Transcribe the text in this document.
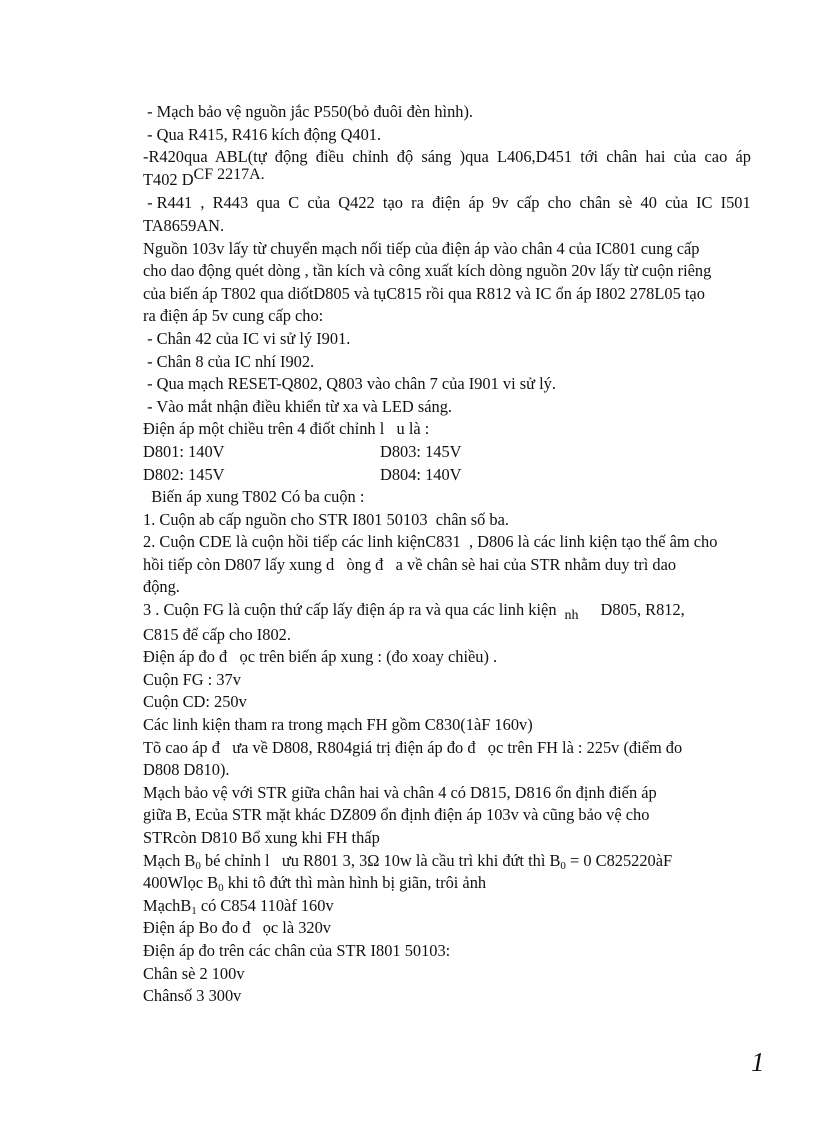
- Mạch bảo vệ nguồn jắc P550(bỏ đuôi đèn hình).
- Qua R415, R416 kích động Q401.
-R420qua  ABL(tự  động  điều  chỉnh  độ  sáng  )qua  L406,D451  tới  chân  hai  của  cao  áp
T402 DCF 2217A.
- R441  ,  R443  qua  C  của  Q422  tạo  ra  điện  áp  9v  cấp  cho  chân  sè  40  của  IC  I501
TA8659AN.
Nguồn 103v lấy từ chuyển mạch nối tiếp của điện áp vào chân 4 của IC801 cung cấp
cho dao động quét dòng , tần kích và công xuất kích dòng nguồn 20v lấy từ cuộn riêng
của biến áp T802 qua diốtD805 và tụC815 rồi qua R812 và IC ổn áp I802 278L05 tạo
ra điện áp 5v cung cấp cho:
- Chân 42 của IC vi sử lý I901.
- Chân 8 của IC nhí I902.
- Qua mạch RESET-Q802, Q803 vào chân 7 của I901 vi sử lý.
- Vào mắt nhận điều khiển từ xa và LED sáng.
Điện áp một chiều trên 4 điốt chỉnh l   u là :
D801: 140V	D803: 145V
D802: 145V	D804: 140V
Biến áp xung T802 Có ba cuộn :
1. Cuộn ab cấp nguồn cho STR I801 50103  chân số ba.
2. Cuộn CDE là cuộn hồi tiếp các linh kiệnC831  , D806 là các linh kiện tạo thế âm cho
hồi tiếp còn D807 lấy xung d   òng đ   a về chân sè hai của STR nhằm duy trì dao
động.
3 . Cuộn FG là cuộn thứ cấp lấy điện áp ra và qua các linh kiện nh D805, R812,
C815 để cấp cho I802.
Điện áp đo đ   ọc trên biến áp xung : (đo xoay chiều) .
Cuộn FG : 37v
Cuộn CD: 250v
Các linh kiện tham ra trong mạch FH gồm C830(1àF 160v)
Tõ cao áp đ   ưa về D808, R804giá trị điện áp đo đ   ọc trên FH là : 225v (điểm đo
D808 D810).
Mạch bảo vệ với STR giữa chân hai và chân 4 có D815, D816 ổn định điến áp
giữa B, Ecủa STR mặt khác DZ809 ổn định điện áp 103v và cũng bảo vệ cho
STRcòn D810 Bổ xung khi FH thấp
Mạch $B_0$ bé chỉnh l   ưu R801 3, 3Ω 10w là cầu trì khi đứt thì $B_0 = 0$ C825220àF
400Wlọc $B_0$ khi tô đứt thì màn hình bị giãn, trôi ảnh
MạchB$_1$ có C854 110àf 160v
Điện áp Bo đo đ   ọc là 320v
Điện áp đo trên các chân của STR I801 50103:
Chân sè 2 100v
Chânsố 3 300v
1
